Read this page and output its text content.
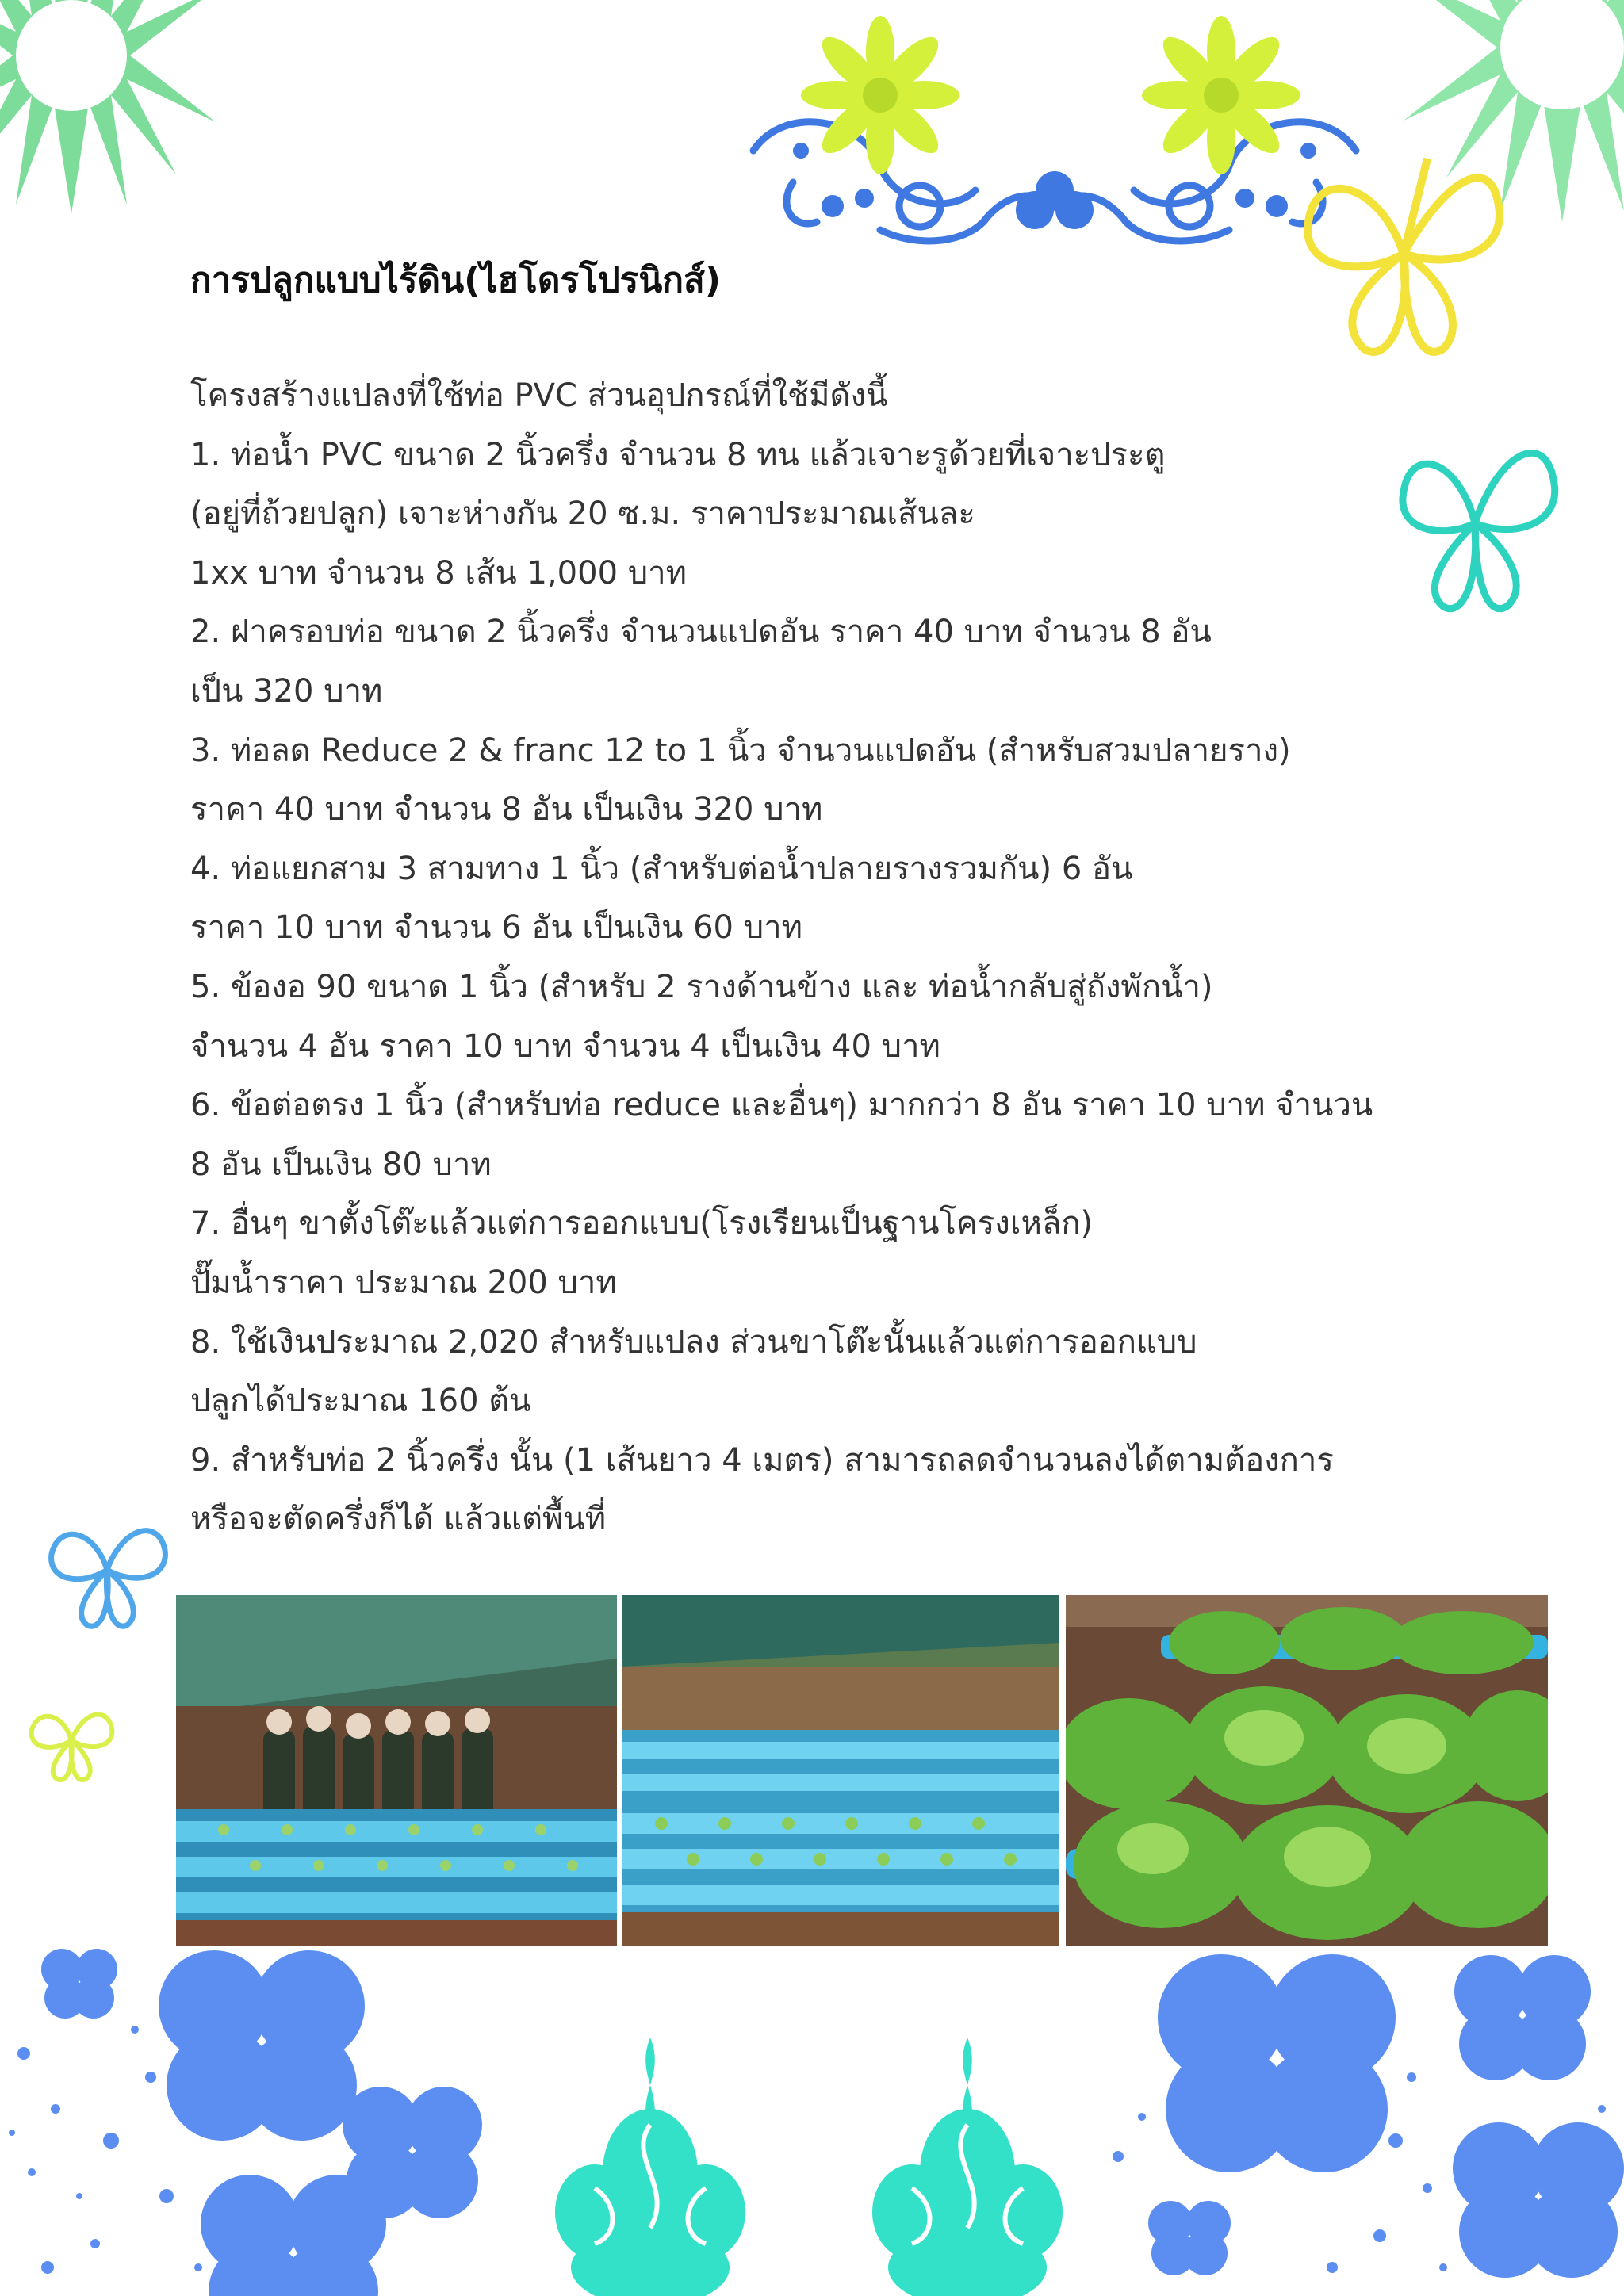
การปลูกแบบไร้ดิน(ไฮโดรโปรนิกส์)
โครงสร้างแปลงที่ใช้ท่อ PVC ส่วนอุปกรณ์ที่ใช้มีดังนี้
1. ท่อน้ำ PVC ขนาด 2 นิ้วครึ่ง จำนวน 8 ทน แล้วเจาะรูด้วยที่เจาะประตู
(อยู่ที่ถ้วยปลูก) เจาะห่างกัน 20 ซ.ม. ราคาประมาณเส้นละ
1xx บาท จำนวน 8 เส้น 1,000 บาท
2. ฝาครอบท่อ ขนาด 2 นิ้วครึ่ง จำนวนแปดอัน ราคา 40 บาท จำนวน 8 อัน
เป็น 320 บาท
3. ท่อลด Reduce 2 & franc 12 to 1 นิ้ว จำนวนแปดอัน (สำหรับสวมปลายราง)
ราคา 40 บาท จำนวน 8 อัน เป็นเงิน 320 บาท
4. ท่อแยกสาม 3 สามทาง 1 นิ้ว (สำหรับต่อน้ำปลายรางรวมกัน) 6 อัน
ราคา 10 บาท จำนวน 6 อัน เป็นเงิน 60 บาท
5. ข้องอ 90 ขนาด 1 นิ้ว (สำหรับ 2 รางด้านข้าง และ ท่อน้ำกลับสู่ถังพักน้ำ)
จำนวน 4 อัน ราคา 10 บาท จำนวน 4 เป็นเงิน 40 บาท
6. ข้อต่อตรง 1 นิ้ว (สำหรับท่อ reduce และอื่นๆ) มากกว่า 8 อัน ราคา 10 บาท จำนวน
8 อัน เป็นเงิน 80 บาท
7. อื่นๆ ขาตั้งโต๊ะแล้วแต่การออกแบบ(โรงเรียนเป็นฐานโครงเหล็ก)
ปั๊มน้ำราคา ประมาณ 200 บาท
8. ใช้เงินประมาณ 2,020 สำหรับแปลง ส่วนขาโต๊ะนั้นแล้วแต่การออกแบบ
ปลูกได้ประมาณ 160 ต้น
9. สำหรับท่อ 2 นิ้วครึ่ง นั้น (1 เส้นยาว 4 เมตร) สามารถลดจำนวนลงได้ตามต้องการ
หรือจะตัดครึ่งก็ได้ แล้วแต่พื้นที่
